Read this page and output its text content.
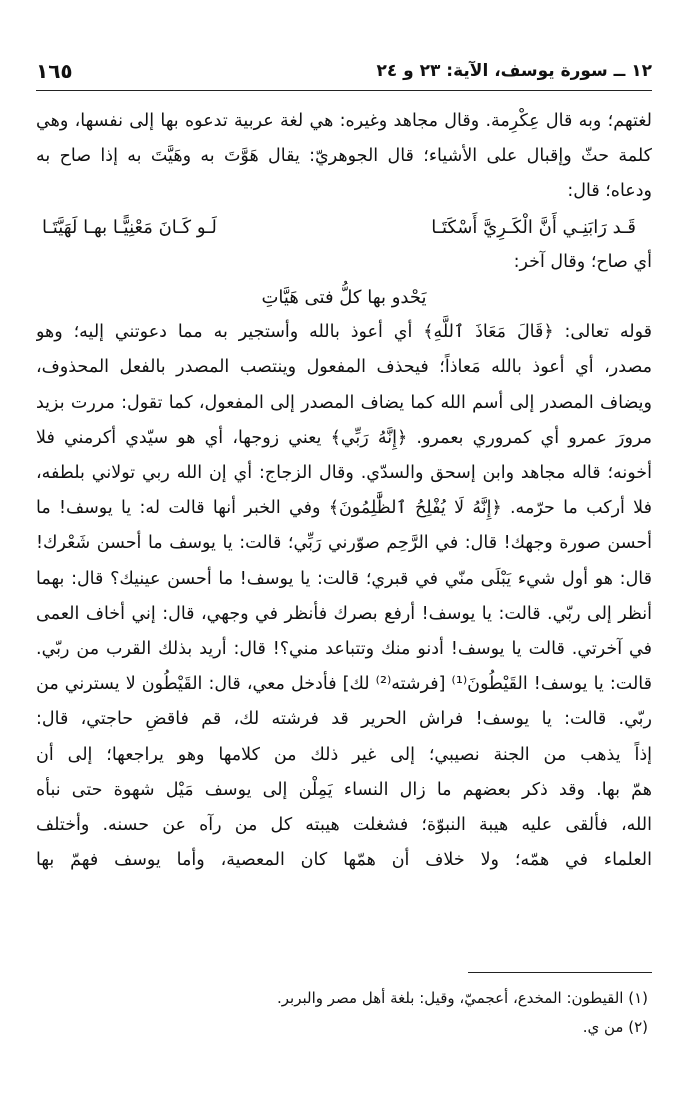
١٢ ــ سورة يوسف، الآية: ٢٣ و ٢٤
١٦٥
لغتهم؛ وبه قال عِكْرِمة. وقال مجاهد وغيره: هي لغة عربية تدعوه بها إلى نفسها، وهي
كلمة حثّ وإقبال على الأشياء؛ قال الجوهريّ: يقال هَوَّتَ به وهَيَّتَ به إذا صاح به
ودعاه؛ قال:
قَـد رَابَنِـي أَنَّ الْكَـرِيَّ أَسْكَتَـا
لَـو كَـانَ مَعْنِيًّـا بهـا لَهَيَّتَـا
أي صاح؛ وقال آخر:
يَحْدو بها كلُّ فتى هَيَّاتِ
قوله تعالى: ﴿قَالَ مَعَاذَ ٱللَّهِ﴾ أي أعوذ بالله وأستجير به مما دعوتني إليه؛ وهو
مصدر، أي أعوذ بالله مَعاذاً؛ فيحذف المفعول وينتصب المصدر بالفعل المحذوف،
ويضاف المصدر إلى أسم الله كما يضاف المصدر إلى المفعول، كما تقول: مررت بزيد
مرورَ عمرو أي كمروري بعمرو. ﴿إِنَّهُ رَبِّي﴾ يعني زوجها، أي هو سيّدي أكرمني فلا
أخونه؛ قاله مجاهد وابن إسحق والسدّي. وقال الزجاج: أي إن الله ربي تولاني بلطفه،
فلا أركب ما حرّمه. ﴿إِنَّهُ لَا يُفْلِحُ ٱلظَّٰلِمُونَ﴾ وفي الخبر أنها قالت له: يا يوسف! ما
أحسن صورة وجهك! قال: في الرَّحِم صوّرني رَبِّي؛ قالت: يا يوسف ما أحسن شَعْرك!
قال: هو أول شيء يَبْلَى منّي في قبري؛ قالت: يا يوسف! ما أحسن عينيك؟ قال: بهما
أنظر إلى ربّي. قالت: يا يوسف! أرفع بصرك فأنظر في وجهي، قال: إني أخاف العمى
في آخرتي. قالت يا يوسف! أدنو منك وتتباعد مني؟! قال: أريد بذلك القرب من ربّي.
قالت: يا يوسف! القَيْطُونَ⁽¹⁾ [فرشته⁽²⁾ لك] فأدخل معي، قال: القَيْطُون لا يسترني من
ربّي. قالت: يا يوسف! فراش الحرير قد فرشته لك، قم فاقضِ حاجتي، قال:
إذاً يذهب من الجنة نصيبي؛ إلى غير ذلك من كلامها وهو يراجعها؛ إلى أن
همّ بها. وقد ذكر بعضهم ما زال النساء يَمِلْن إلى يوسف مَيْل شهوة حتى نبأه
الله، فألقى عليه هيبة النبوّة؛ فشغلت هيبته كل من رآه عن حسنه. وأختلف
العلماء في همّه؛ ولا خلاف أن همّها كان المعصية، وأما يوسف فهمّ بها
(١) القيطون: المخدع، أعجميّ، وقيل: بلغة أهل مصر والبربر.
(٢) من ي.
